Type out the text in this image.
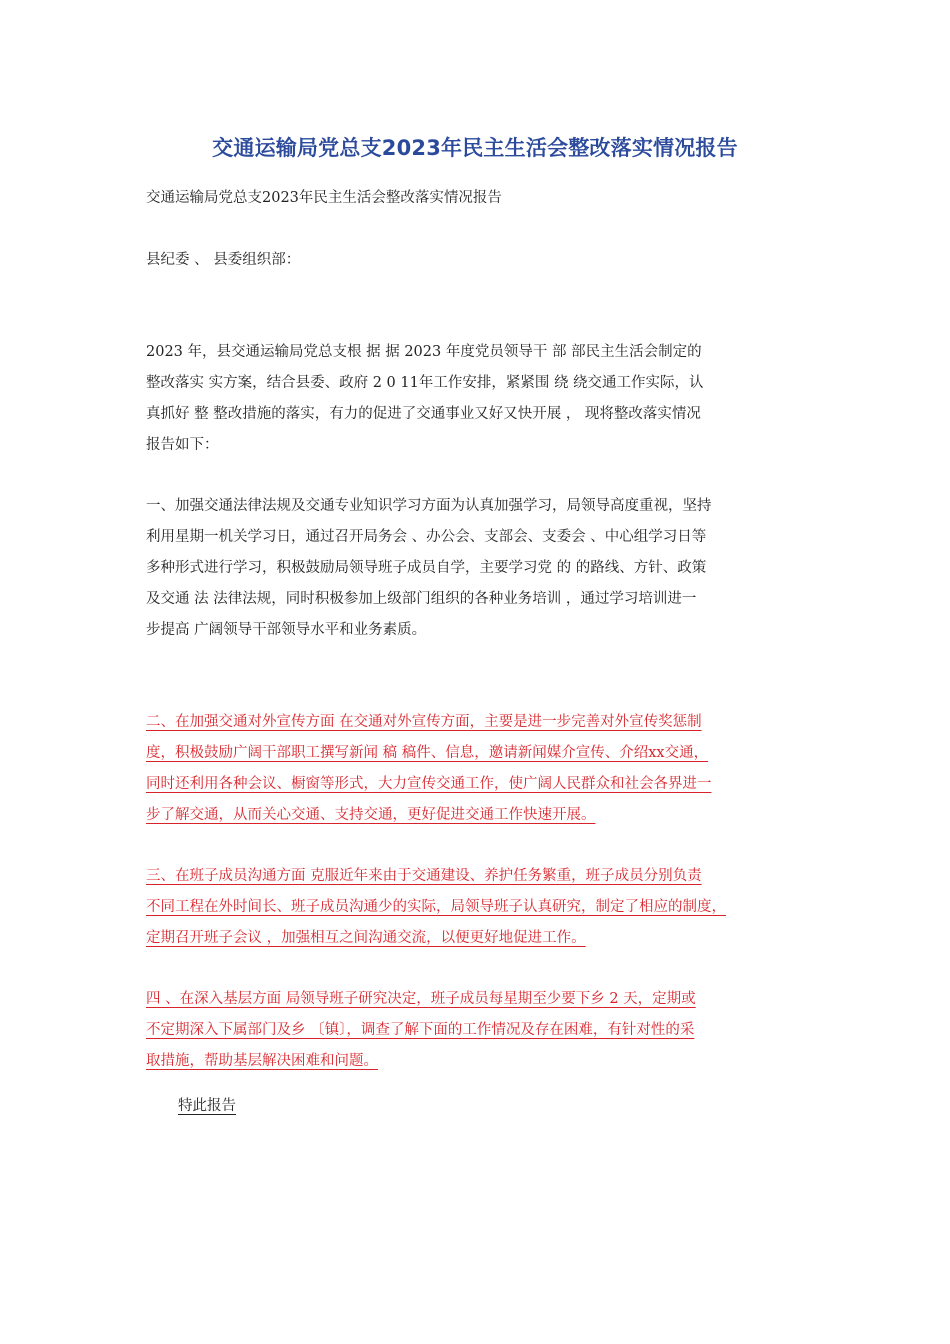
交通运输局党总支2023年民主生活会整改落实情况报告
交通运输局党总支2023年民主生活会整改落实情况报告
县纪委 、 县委组织部：
2023 年，县交通运输局党总支根 据 据 2023 年度党员领导干 部 部民主生活会制定的
整改落实 实方案，结合县委、政府 2 0 11年工作安排，紧紧围 绕 绕交通工作实际，认
真抓好 整 整改措施的落实，有力的促进了交通事业又好又快开展 ， 现将整改落实情况
报告如下：
一、加强交通法律法规及交通专业知识学习方面为认真加强学习，局领导高度重视，坚持
利用星期一机关学习日，通过召开局务会 、办公会、支部会、支委会 、中心组学习日等
多种形式进行学习，积极鼓励局领导班子成员自学，主要学习党 的 的路线、方针、政策
及交通 法 法律法规，同时积极参加上级部门组织的各种业务培训 ，通过学习培训进一
步提高 广阔领导干部领导水平和业务素质。
二、在加强交通对外宣传方面 在交通对外宣传方面，主要是进一步完善对外宣传奖惩制
度，积极鼓励广阔干部职工撰写新闻 稿 稿件、信息，邀请新闻媒介宣传、介绍xx交通，
同时还利用各种会议、橱窗等形式，大力宣传交通工作，使广阔人民群众和社会各界进一
步了解交通，从而关心交通、支持交通，更好促进交通工作快速开展。
三、在班子成员沟通方面 克服近年来由于交通建设、养护任务繁重，班子成员分别负责
不同工程在外时间长、班子成员沟通少的实际，局领导班子认真研究，制定了相应的制度，
定期召开班子会议 ，加强相互之间沟通交流，以便更好地促进工作。
四 、在深入基层方面 局领导班子研究决定，班子成员每星期至少要下乡 2 天，定期或
不定期深入下属部门及乡 〔镇〕，调查了解下面的工作情况及存在困难，有针对性的采
取措施，帮助基层解决困难和问题。
特此报告
